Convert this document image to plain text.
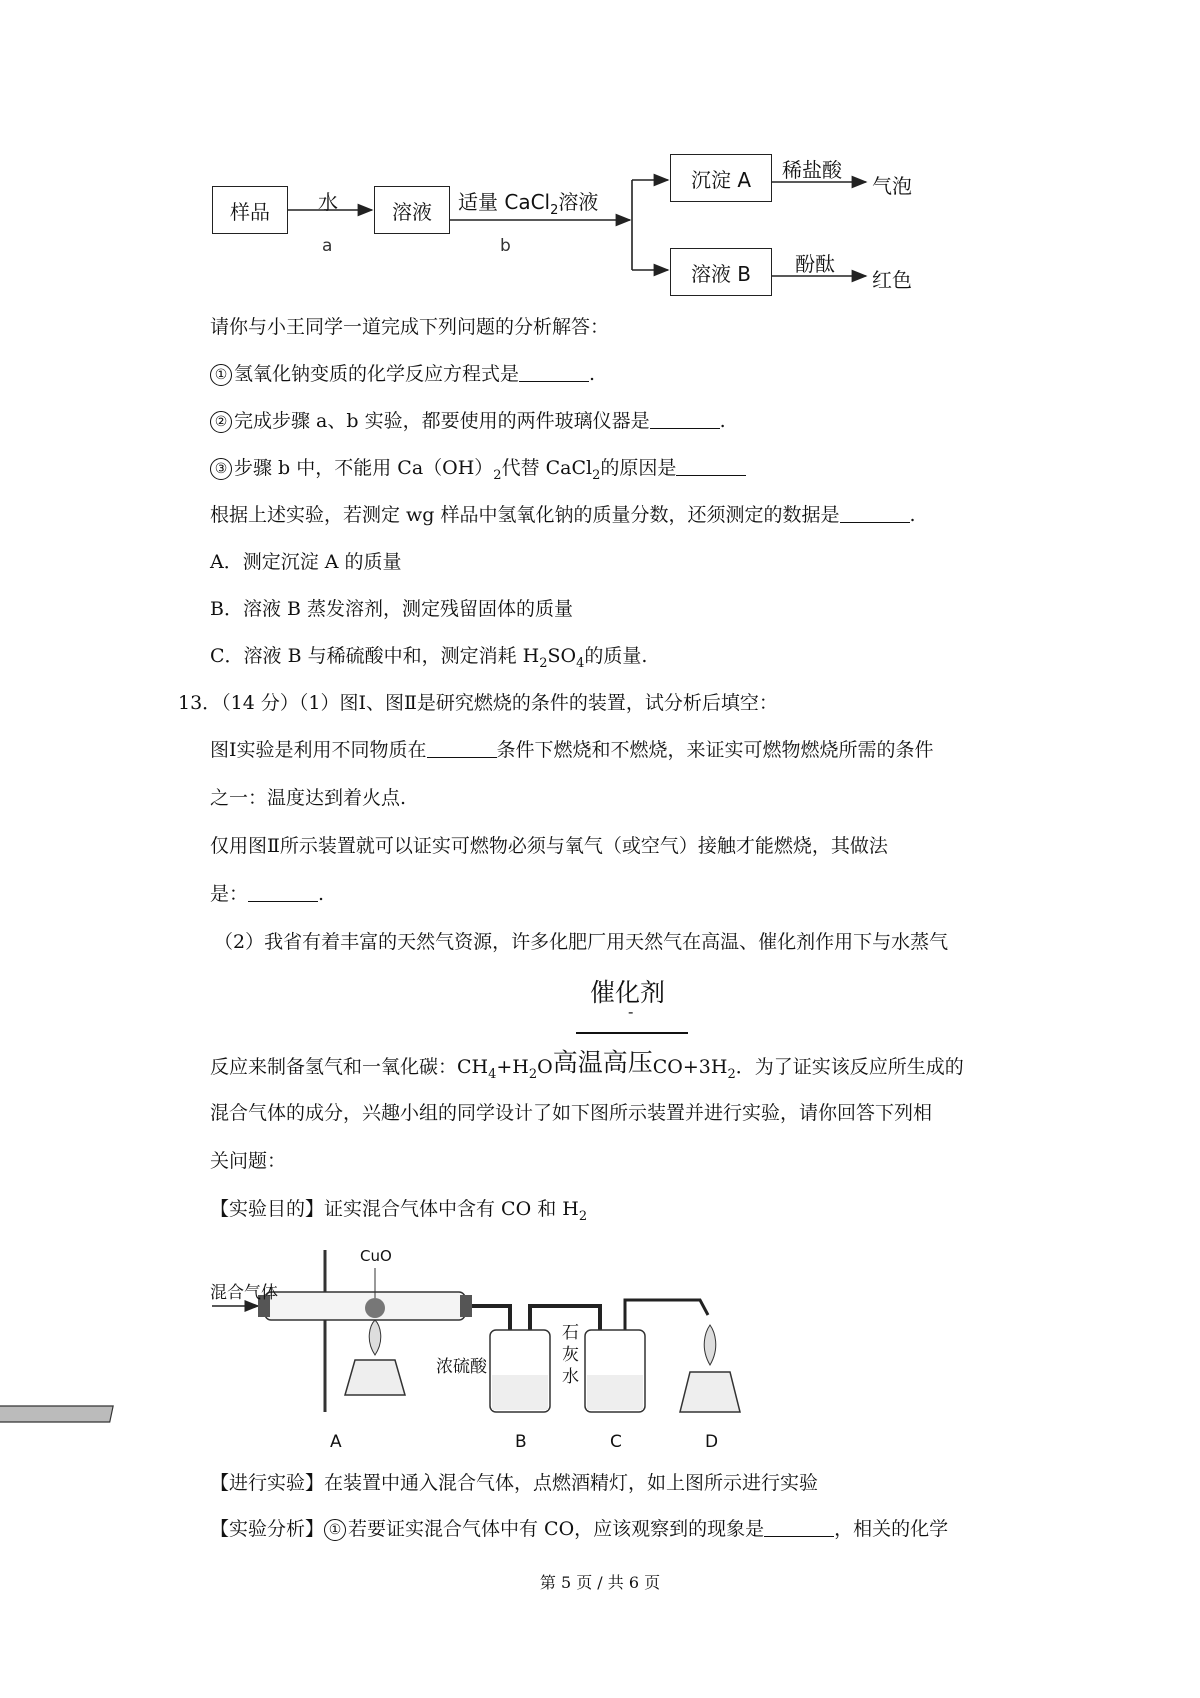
样品	溶液
沉淀 A
溶液 B
水
a
适量 CaCl$_2$溶液
b
稀盐酸
气泡
酚酞
红色
请你与小王同学一道完成下列问题的分析解答：
① 氢氧化钠变质的化学反应方程式是	.
② 完成步骤 a、b 实验，都要使用的两件玻璃仪器是	.
③ 步骤 b 中，不能用 $Ca(OH)_2$代替 CaCl$_2$的原因是
根据上述实验，若测定 wg 样品中氢氧化钠的质量分数，还须测定的数据是	.
A．测定沉淀 A 的质量
B．溶液 B 蒸发溶剂，测定残留固体的质量
C．溶液 B 与稀硫酸中和，测定消耗 $H_2SO_4$的质量.
13．（14 分）（1）图Ⅰ、图Ⅱ是研究燃烧的条件的装置，试分析后填空：
图Ⅰ实验是利用不同物质在	条件下燃烧和不燃烧，来证实可燃物燃烧所需的条件
之一：温度达到着火点.
仅用图Ⅱ所示装置就可以证实可燃物必须与氧气（或空气）接触才能燃烧，其做法
是：	.
（2）我省有着丰富的天然气资源，许多化肥厂用天然气在高温、催化剂作用下与水蒸气
催化剂
-
反应来制备氢气和一氧化碳：$CH_4+H_2O$高温高压$CO+3H_2$．为了证实该反应所生成的
混合气体的成分，兴趣小组的同学设计了如下图所示装置并进行实验，请你回答下列相
关问题：
【实验目的】证实混合气体中含有 CO 和 $H_2$
混合气体
CuO
浓硫酸
石
灰
水
A	B	C	D
【进行实验】在装置中通入混合气体，点燃酒精灯，如上图所示进行实验
【实验分析】 ① 若要证实混合气体中有 CO，应该观察到的现象是	，相关的化学
第 5 页 / 共 6 页
